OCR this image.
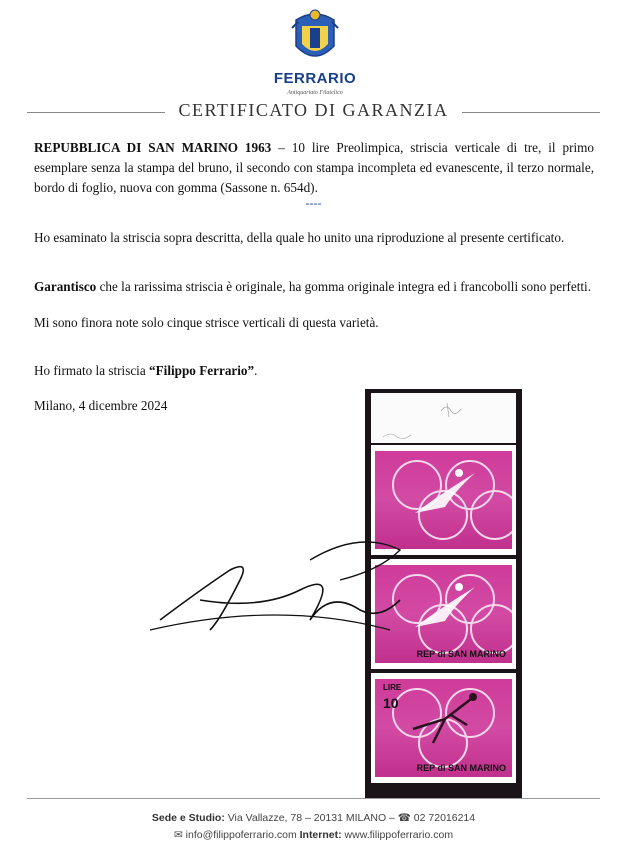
FERRARIO
Antiquariato Filatelico
CERTIFICATO DI GARANZIA
REPUBBLICA DI SAN MARINO 1963 – 10 lire Preolimpica, striscia verticale di tre, il primo esemplare senza la stampa del bruno, il secondo con stampa incompleta ed evanescente, il terzo normale, bordo di foglio, nuova con gomma (Sassone n. 654d).
----
Ho esaminato la striscia sopra descritta, della quale ho unito una riproduzione al presente certificato.
Garantisco che la rarissima striscia è originale, ha gomma originale integra ed i francobolli sono perfetti.
Mi sono finora note solo cinque strisce verticali di questa varietà.
Ho firmato la striscia “Filippo Ferrario”.
Milano, 4 dicembre 2024
REP di SAN MARINO
LIRE
10
REP di SAN MARINO
Sede e Studio: Via Vallazze, 78 – 20131 MILANO – ☎ 02 72016214
✉ info@filippoferrario.com Internet: www.filippoferrario.com
